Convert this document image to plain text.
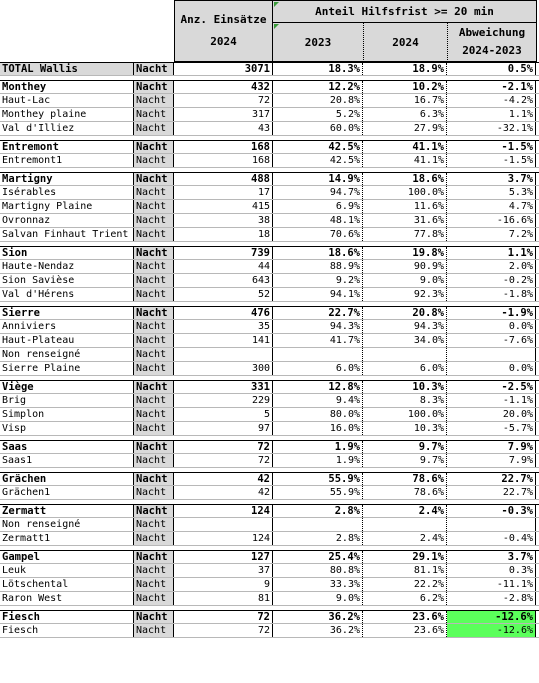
Anz. Einsätze
2024
Anteil Hilfsfrist >= 20 min
2023	2024
Abweichung
2024-2023
TOTAL Wallis	Nacht	3071	18.3%	18.9%	0.5%
Monthey	Nacht	432	12.2%	10.2%	-2.1%
Haut-Lac	Nacht	72	20.8%	16.7%	-4.2%
Monthey plaine	Nacht	317	5.2%	6.3%	1.1%
Val d'Illiez	Nacht	43	60.0%	27.9%	-32.1%
Entremont	Nacht	168	42.5%	41.1%	-1.5%
Entremont1	Nacht	168	42.5%	41.1%	-1.5%
Martigny	Nacht	488	14.9%	18.6%	3.7%
Isérables	Nacht	17	94.7%	100.0%	5.3%
Martigny Plaine	Nacht	415	6.9%	11.6%	4.7%
Ovronnaz	Nacht	38	48.1%	31.6%	-16.6%
Salvan Finhaut Trient Nacht	18	70.6%	77.8%	7.2%
Sion	Nacht	739	18.6%	19.8%	1.1%
Haute-Nendaz	Nacht	44	88.9%	90.9%	2.0%
Sion Savièse	Nacht	643	9.2%	9.0%	-0.2%
Val d'Hérens	Nacht	52	94.1%	92.3%	-1.8%
Sierre	Nacht	476	22.7%	20.8%	-1.9%
Anniviers	Nacht	35	94.3%	94.3%	0.0%
Haut-Plateau	Nacht	141	41.7%	34.0%	-7.6%
Non renseigné	Nacht
Sierre Plaine	Nacht	300	6.0%	6.0%	0.0%
Viège	Nacht	331	12.8%	10.3%	-2.5%
Brig	Nacht	229	9.4%	8.3%	-1.1%
Simplon	Nacht	5	80.0%	100.0%	20.0%
Visp	Nacht	97	16.0%	10.3%	-5.7%
Saas	Nacht	72	1.9%	9.7%	7.9%
Saas1	Nacht	72	1.9%	9.7%	7.9%
Grächen	Nacht	42	55.9%	78.6%	22.7%
Grächen1	Nacht	42	55.9%	78.6%	22.7%
Zermatt	Nacht	124	2.8%	2.4%	-0.3%
Non renseigné	Nacht
Zermatt1	Nacht	124	2.8%	2.4%	-0.4%
Gampel	Nacht	127	25.4%	29.1%	3.7%
Leuk	Nacht	37	80.8%	81.1%	0.3%
Lötschental	Nacht	9	33.3%	22.2%	-11.1%
Raron West	Nacht	81	9.0%	6.2%	-2.8%
Fiesch	Nacht	72	36.2%	23.6%	-12.6%
Fiesch	Nacht	72	36.2%	23.6%	-12.6%
